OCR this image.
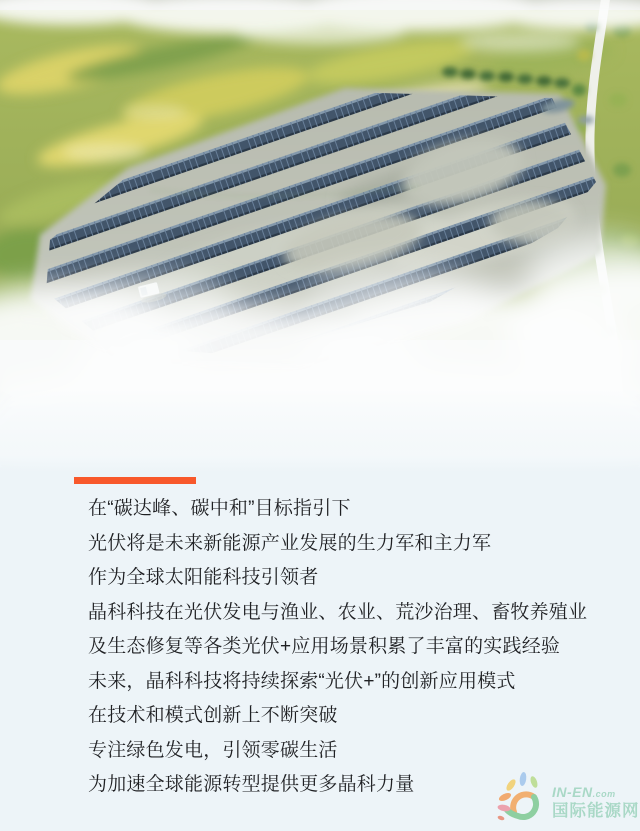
在“碳达峰、碳中和”目标指引下
光伏将是未来新能源产业发展的生力军和主力军
作为全球太阳能科技引领者
晶科科技在光伏发电与渔业、农业、荒沙治理、畜牧养殖业
及生态修复等各类光伏+应用场景积累了丰富的实践经验
未来，晶科科技将持续探索“光伏+”的创新应用模式
在技术和模式创新上不断突破
专注绿色发电，引领零碳生活
为加速全球能源转型提供更多晶科力量	IN-EN.com
国际能源网
